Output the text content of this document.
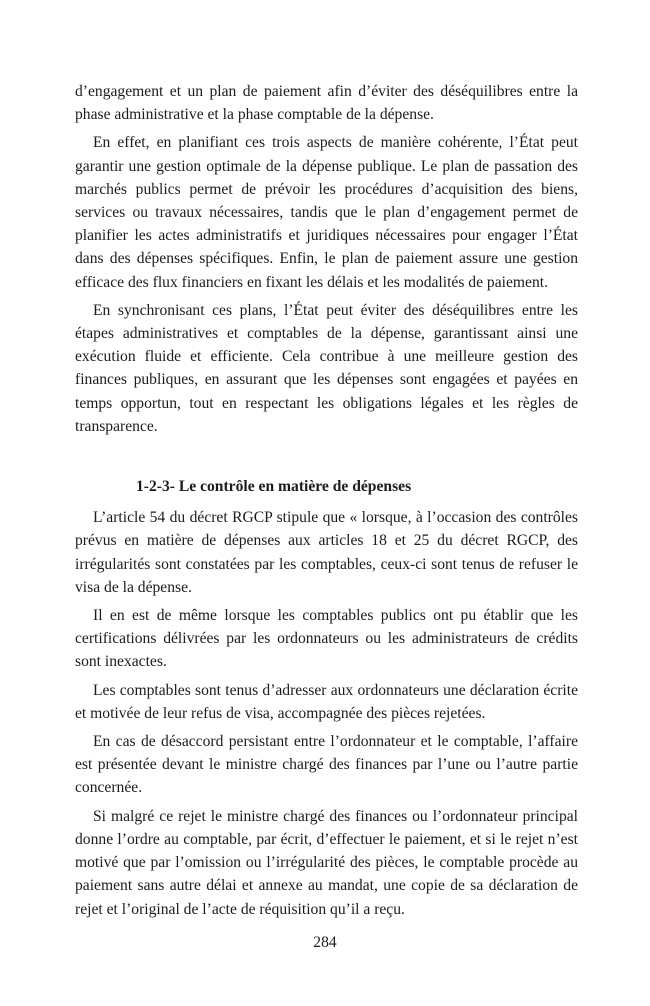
d’engagement et un plan de paiement afin d’éviter des déséquilibres entre la phase administrative et la phase comptable de la dépense.

En effet, en planifiant ces trois aspects de manière cohérente, l’État peut garantir une gestion optimale de la dépense publique. Le plan de passation des marchés publics permet de prévoir les procédures d’acquisition des biens, services ou travaux nécessaires, tandis que le plan d’engagement permet de planifier les actes administratifs et juridiques nécessaires pour engager l’État dans des dépenses spécifiques. Enfin, le plan de paiement assure une gestion efficace des flux financiers en fixant les délais et les modalités de paiement.

En synchronisant ces plans, l’État peut éviter des déséquilibres entre les étapes administratives et comptables de la dépense, garantissant ainsi une exécution fluide et efficiente. Cela contribue à une meilleure gestion des finances publiques, en assurant que les dépenses sont engagées et payées en temps opportun, tout en respectant les obligations légales et les règles de transparence.

1-2-3- Le contrôle en matière de dépenses

L’article 54 du décret RGCP stipule que « lorsque, à l’occasion des contrôles prévus en matière de dépenses aux articles 18 et 25 du décret RGCP, des irrégularités sont constatées par les comptables, ceux-ci sont tenus de refuser le visa de la dépense.

Il en est de même lorsque les comptables publics ont pu établir que les certifications délivrées par les ordonnateurs ou les administrateurs de crédits sont inexactes.

Les comptables sont tenus d’adresser aux ordonnateurs une déclaration écrite et motivée de leur refus de visa, accompagnée des pièces rejetées.

En cas de désaccord persistant entre l’ordonnateur et le comptable, l’affaire est présentée devant le ministre chargé des finances par l’une ou l’autre partie concernée.

Si malgré ce rejet le ministre chargé des finances ou l’ordonnateur principal donne l’ordre au comptable, par écrit, d’effectuer le paiement, et si le rejet n’est motivé que par l’omission ou l’irrégularité des pièces, le comptable procède au paiement sans autre délai et annexe au mandat, une copie de sa déclaration de rejet et l’original de l’acte de réquisition qu’il a reçu.

284
